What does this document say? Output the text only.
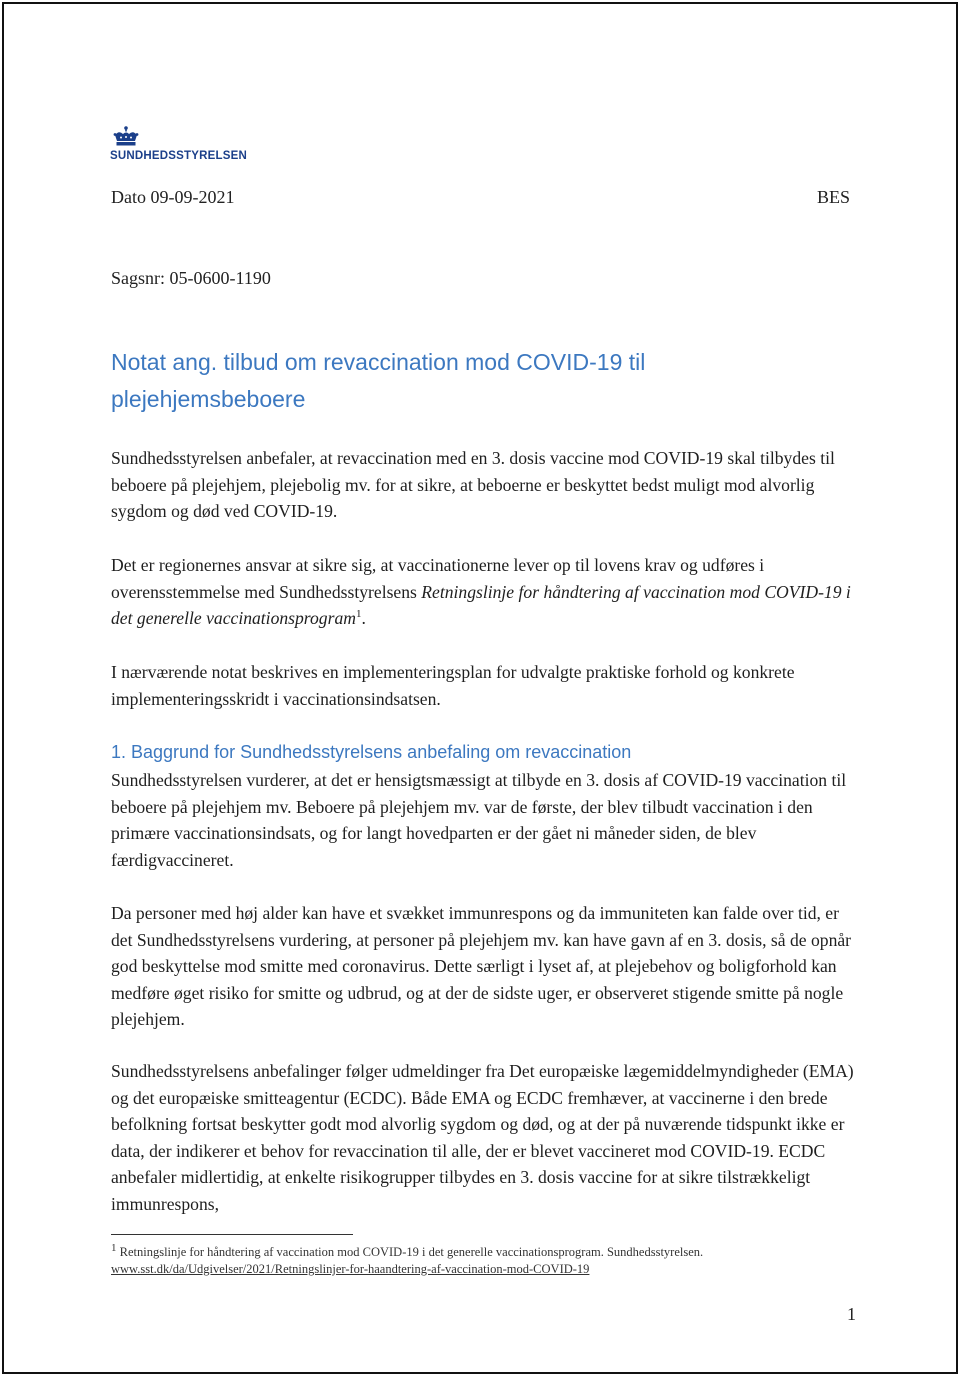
SUNDHEDSSTYRELSEN
Dato 09-09-2021	BES
Sagsnr: 05-0600-1190
Notat ang. tilbud om revaccination mod COVID-19 til plejehjemsbeboere

Sundhedsstyrelsen anbefaler, at revaccination med en 3. dosis vaccine mod COVID-19 skal tilbydes til beboere på plejehjem, plejebolig mv. for at sikre, at beboerne er beskyttet bedst muligt mod alvorlig sygdom og død ved COVID-19.

Det er regionernes ansvar at sikre sig, at vaccinationerne lever op til lovens krav og udføres i overensstemmelse med Sundhedsstyrelsens Retningslinje for håndtering af vaccination mod COVID-19 i det generelle vaccinationsprogram$^1$.

I nærværende notat beskrives en implementeringsplan for udvalgte praktiske forhold og konkrete implementeringsskridt i vaccinationsindsatsen.

1. Baggrund for Sundhedsstyrelsens anbefaling om revaccination

Sundhedsstyrelsen vurderer, at det er hensigtsmæssigt at tilbyde en 3. dosis af COVID-19 vaccination til beboere på plejehjem mv. Beboere på plejehjem mv. var de første, der blev tilbudt vaccination i den primære vaccinationsindsats, og for langt hovedparten er der gået ni måneder siden, de blev færdigvaccineret.

Da personer med høj alder kan have et svækket immunrespons og da immuniteten kan falde over tid, er det Sundhedsstyrelsens vurdering, at personer på plejehjem mv. kan have gavn af en 3. dosis, så de opnår god beskyttelse mod smitte med coronavirus. Dette særligt i lyset af, at plejebehov og boligforhold kan medføre øget risiko for smitte og udbrud, og at der de sidste uger, er observeret stigende smitte på nogle plejehjem.

Sundhedsstyrelsens anbefalinger følger udmeldinger fra Det europæiske lægemiddelmyndigheder (EMA) og det europæiske smitteagentur (ECDC). Både EMA og ECDC fremhæver, at vaccinerne i den brede befolkning fortsat beskytter godt mod alvorlig sygdom og død, og at der på nuværende tidspunkt ikke er data, der indikerer et behov for revaccination til alle, der er blevet vaccineret mod COVID-19. ECDC anbefaler midlertidig, at enkelte risikogrupper tilbydes en 3. dosis vaccine for at sikre tilstrækkeligt immunrespons,

$^1$ Retningslinje for håndtering af vaccination mod COVID-19 i det generelle vaccinationsprogram. Sundhedsstyrelsen.
www.sst.dk/da/Udgivelser/2021/Retningslinjer-for-haandtering-af-vaccination-mod-COVID-19

1
